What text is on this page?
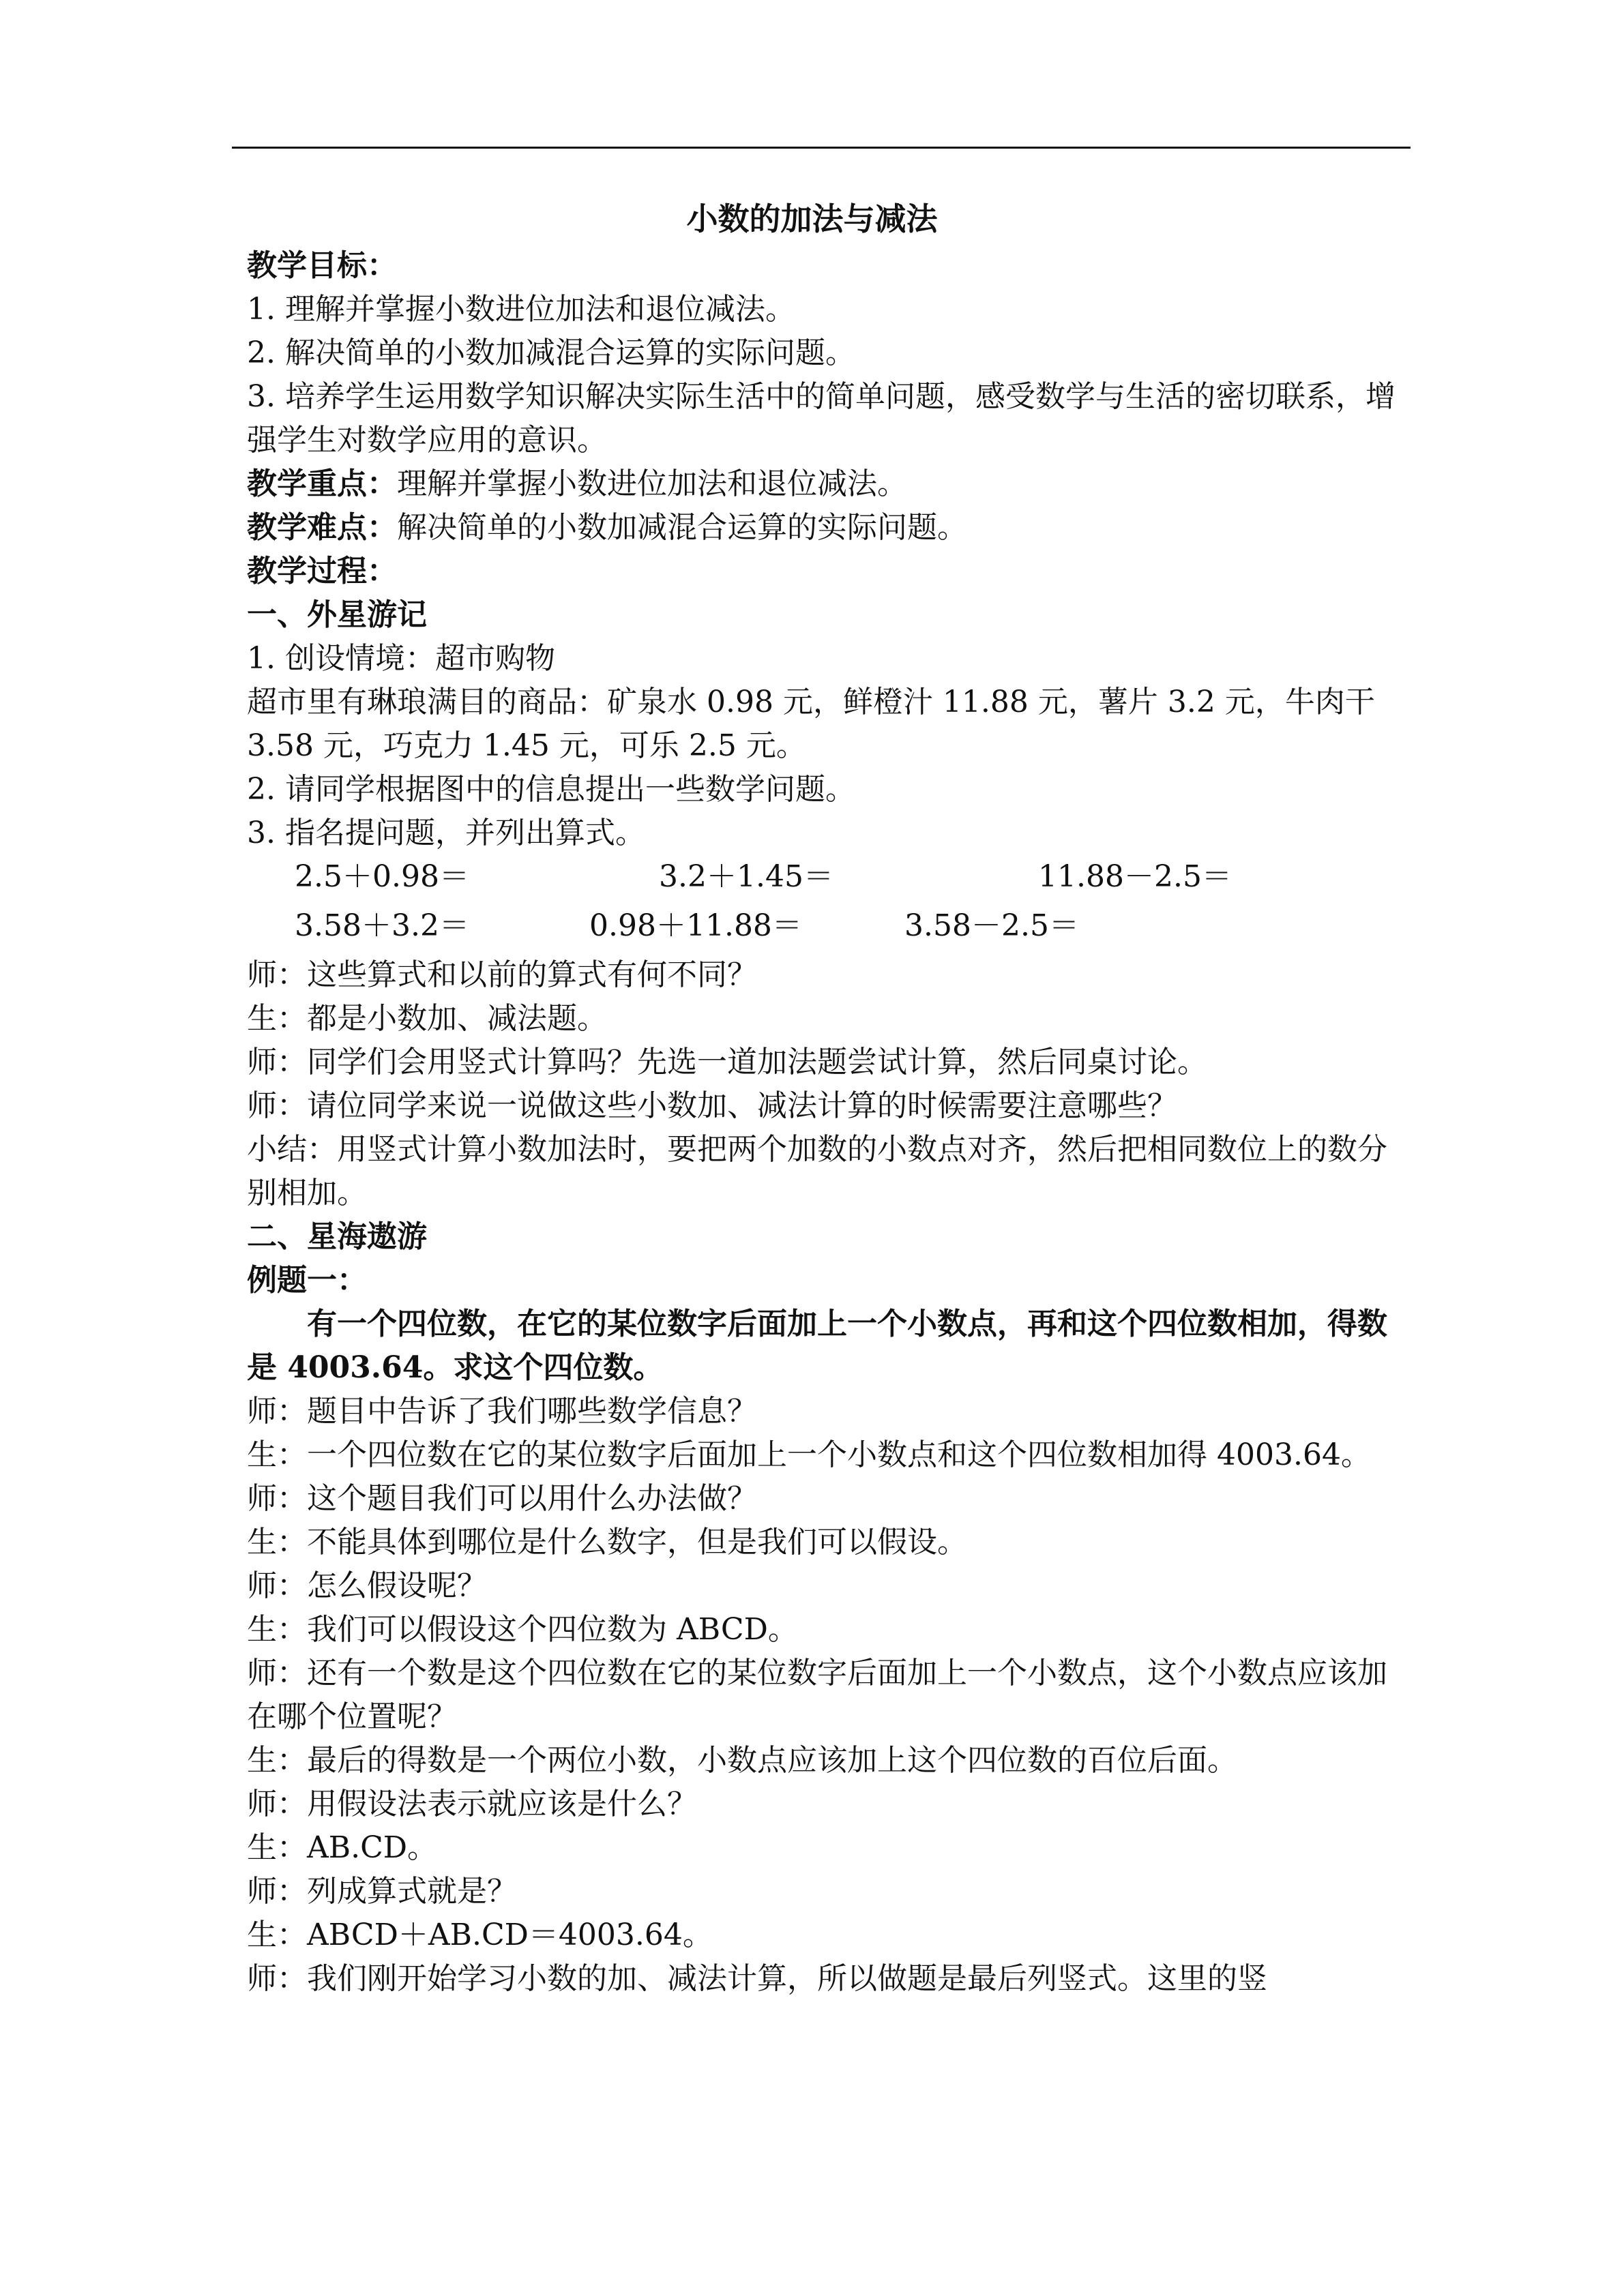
小数的加法与减法

教学目标：

1. 理解并掌握小数进位加法和退位减法。

2. 解决简单的小数加减混合运算的实际问题。

3. 培养学生运用数学知识解决实际生活中的简单问题，感受数学与生活的密切联系，增强学生对数学应用的意识。

教学重点：理解并掌握小数进位加法和退位减法。

教学难点：解决简单的小数加减混合运算的实际问题。

教学过程：

一、外星游记

1. 创设情境：超市购物

超市里有琳琅满目的商品：矿泉水 0.98 元，鲜橙汁 11.88 元，薯片 3.2 元，牛肉干 3.58 元，巧克力 1.45 元，可乐 2.5 元。

2. 请同学根据图中的信息提出一些数学问题。

3. 指名提问题，并列出算式。

2.5＋0.98＝	3.2＋1.45＝	11.88－2.5＝
3.58＋3.2＝	0.98＋11.88＝	3.58－2.5＝

师：这些算式和以前的算式有何不同？

生：都是小数加、减法题。

师：同学们会用竖式计算吗？先选一道加法题尝试计算，然后同桌讨论。

师：请位同学来说一说做这些小数加、减法计算的时候需要注意哪些？

小结：用竖式计算小数加法时，要把两个加数的小数点对齐，然后把相同数位上的数分别相加。

二、星海遨游

例题一：

有一个四位数，在它的某位数字后面加上一个小数点，再和这个四位数相加，得数是 4003.64。求这个四位数。

师：题目中告诉了我们哪些数学信息？

生：一个四位数在它的某位数字后面加上一个小数点和这个四位数相加得 4003.64。

师：这个题目我们可以用什么办法做？

生：不能具体到哪位是什么数字，但是我们可以假设。

师：怎么假设呢？

生：我们可以假设这个四位数为 ABCD。

师：还有一个数是这个四位数在它的某位数字后面加上一个小数点，这个小数点应该加在哪个位置呢？

生：最后的得数是一个两位小数，小数点应该加上这个四位数的百位后面。

师：用假设法表示就应该是什么？

生：AB.CD。

师：列成算式就是？

生：ABCD＋AB.CD＝4003.64。

师：我们刚开始学习小数的加、减法计算，所以做题是最后列竖式。这里的竖
